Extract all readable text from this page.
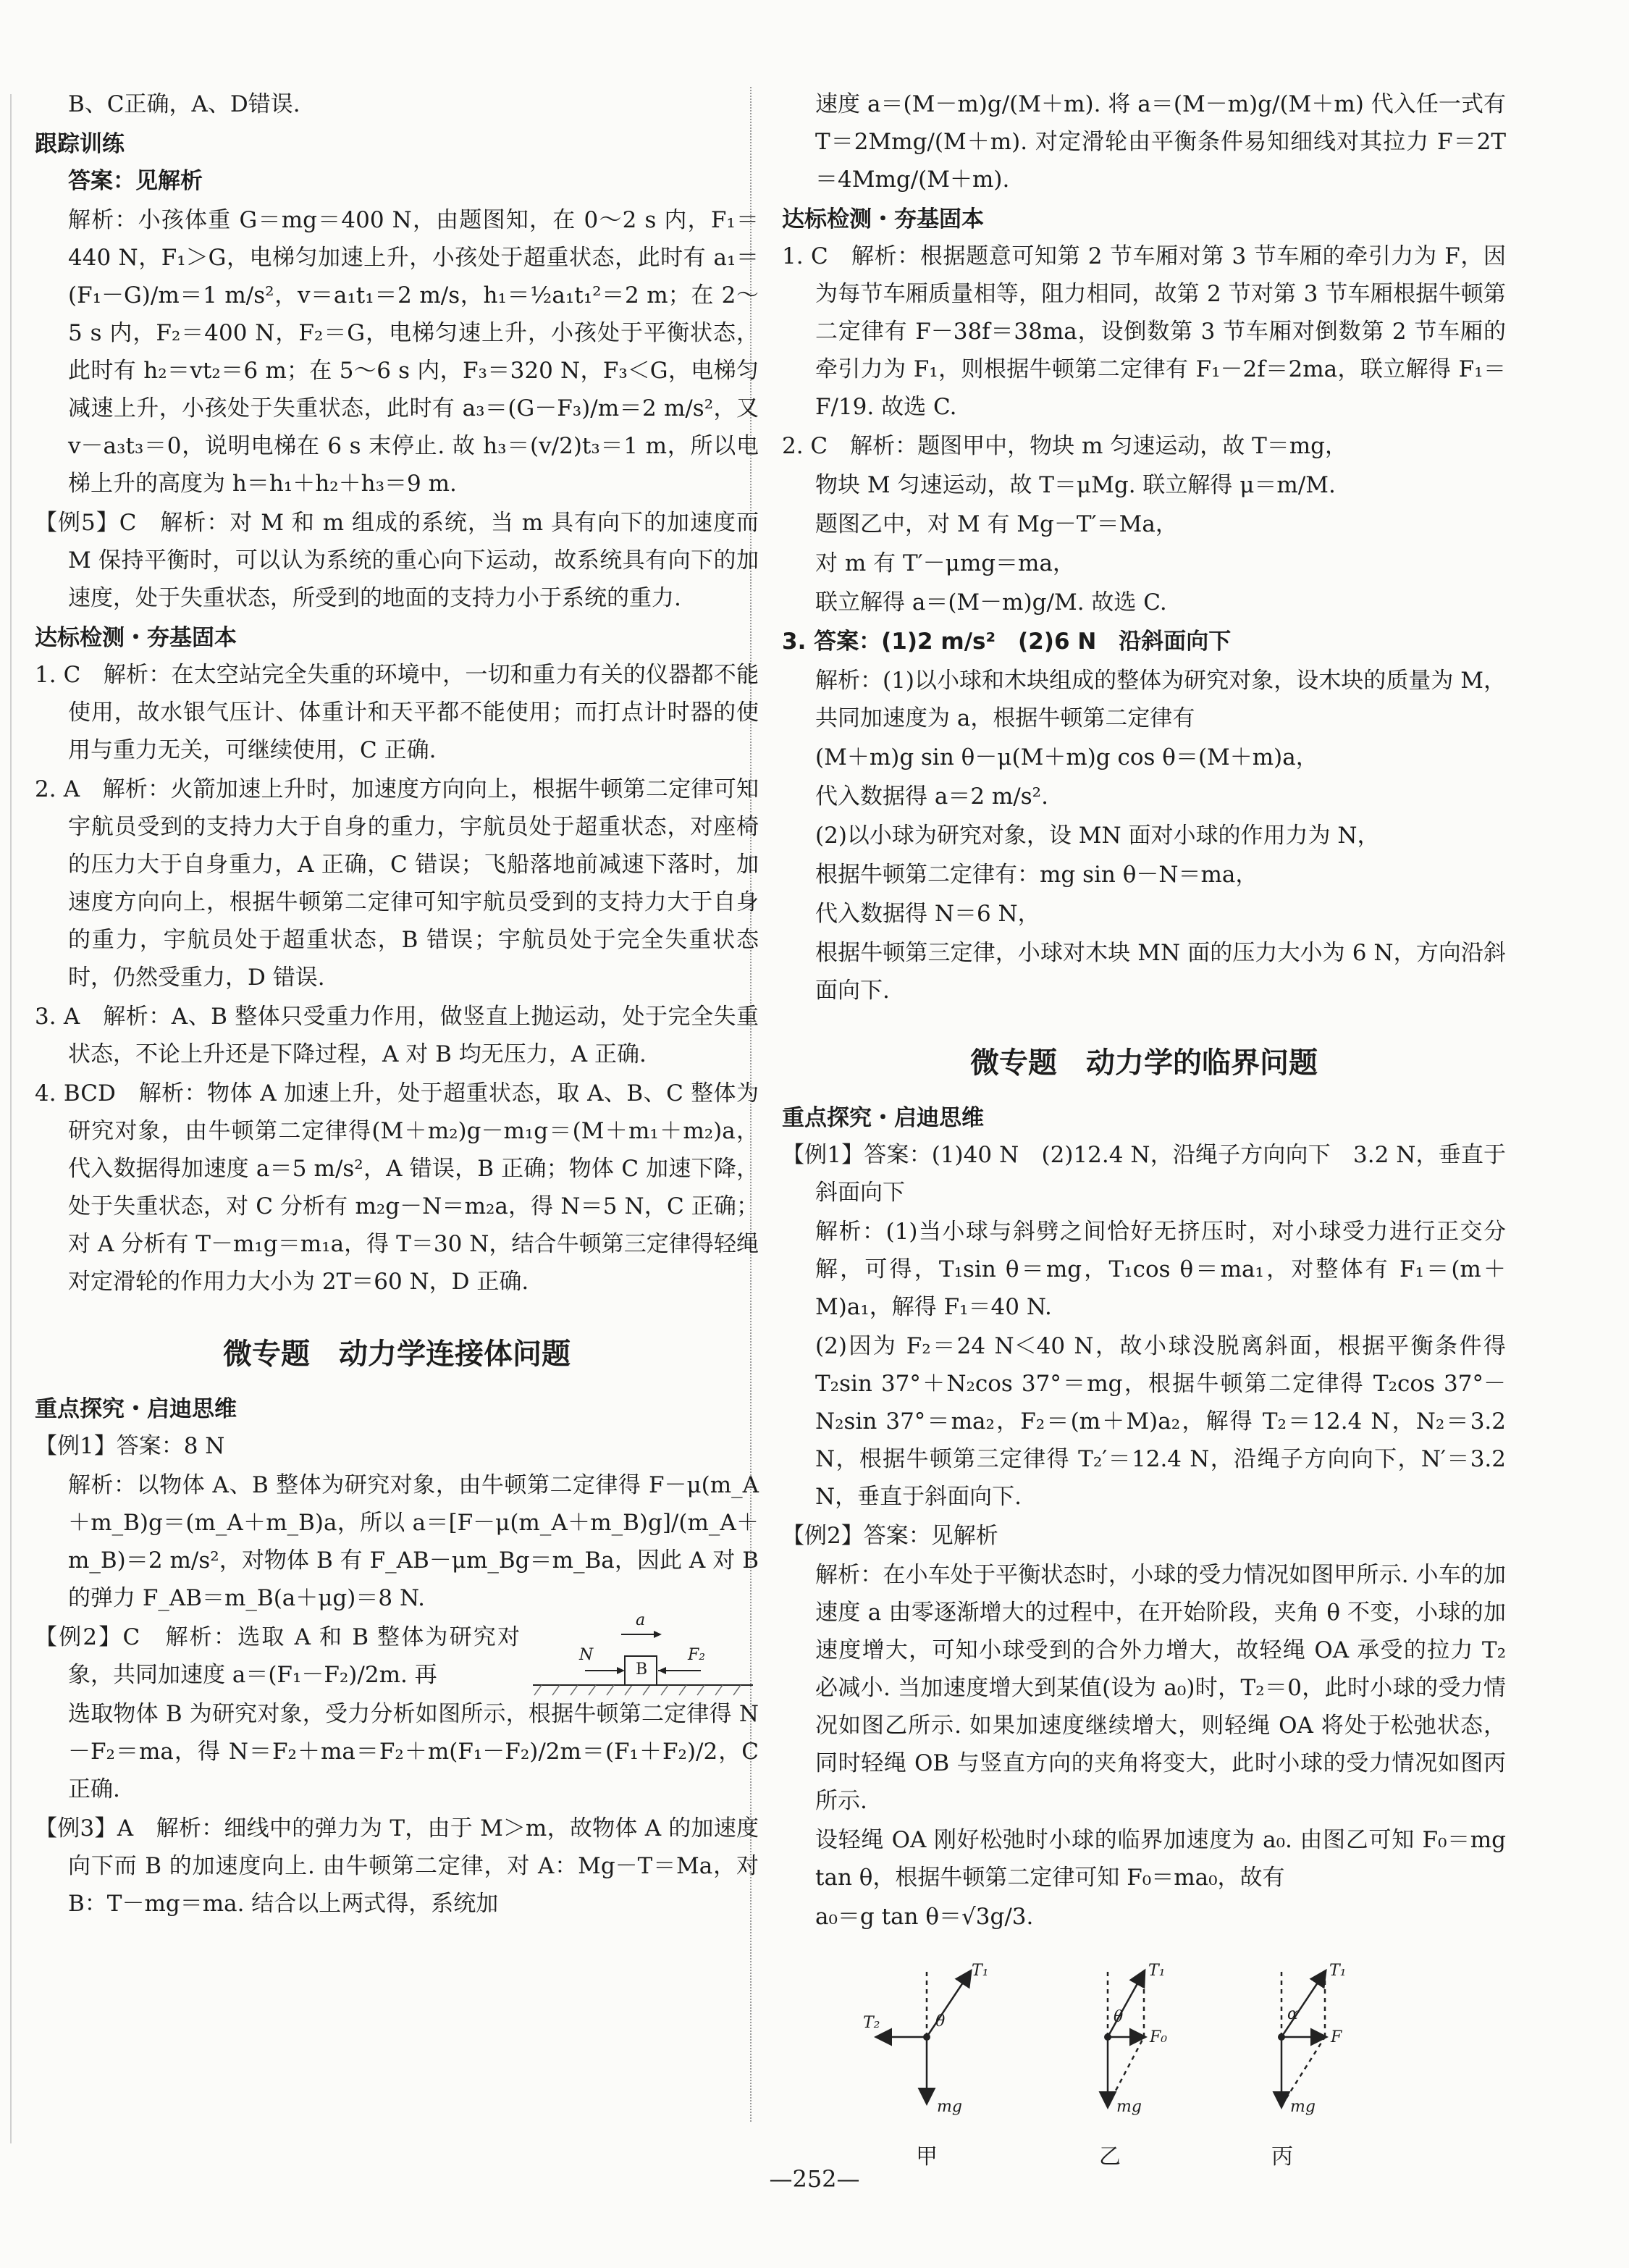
B、C正确，A、D错误.
跟踪训练
答案：见解析
解析：小孩体重 G＝mg＝400 N，由题图知，在 0～2 s 内，F₁＝440 N，F₁＞G，电梯匀加速上升，小孩处于超重状态，此时有 a₁＝(F₁－G)/m＝1 m/s²，v＝a₁t₁＝2 m/s，h₁＝½a₁t₁²＝2 m；在 2～5 s 内，F₂＝400 N，F₂＝G，电梯匀速上升，小孩处于平衡状态，此时有 h₂＝vt₂＝6 m；在 5～6 s 内，F₃＝320 N，F₃＜G，电梯匀减速上升，小孩处于失重状态，此时有 a₃＝(G－F₃)/m＝2 m/s²，又 v－a₃t₃＝0，说明电梯在 6 s 末停止. 故 h₃＝(v/2)t₃＝1 m，所以电梯上升的高度为 h＝h₁＋h₂＋h₃＝9 m.
【例5】C　解析：对 M 和 m 组成的系统，当 m 具有向下的加速度而 M 保持平衡时，可以认为系统的重心向下运动，故系统具有向下的加速度，处于失重状态，所受到的地面的支持力小于系统的重力.
达标检测・夯基固本
1. C　解析：在太空站完全失重的环境中，一切和重力有关的仪器都不能使用，故水银气压计、体重计和天平都不能使用；而打点计时器的使用与重力无关，可继续使用，C 正确.
2. A　解析：火箭加速上升时，加速度方向向上，根据牛顿第二定律可知宇航员受到的支持力大于自身的重力，宇航员处于超重状态，对座椅的压力大于自身重力，A 正确，C 错误；飞船落地前减速下落时，加速度方向向上，根据牛顿第二定律可知宇航员受到的支持力大于自身的重力，宇航员处于超重状态，B 错误；宇航员处于完全失重状态时，仍然受重力，D 错误.
3. A　解析：A、B 整体只受重力作用，做竖直上抛运动，处于完全失重状态，不论上升还是下降过程，A 对 B 均无压力，A 正确.
4. BCD　解析：物体 A 加速上升，处于超重状态，取 A、B、C 整体为研究对象，由牛顿第二定律得(M＋m₂)g－m₁g＝(M＋m₁＋m₂)a，代入数据得加速度 a＝5 m/s²，A 错误，B 正确；物体 C 加速下降，处于失重状态，对 C 分析有 m₂g－N＝m₂a，得 N＝5 N，C 正确；对 A 分析有 T－m₁g＝m₁a，得 T＝30 N，结合牛顿第三定律得轻绳对定滑轮的作用力大小为 2T＝60 N，D 正确.
微专题　动力学连接体问题
重点探究・启迪思维
【例1】答案：8 N
解析：以物体 A、B 整体为研究对象，由牛顿第二定律得 F－μ(m_A＋m_B)g＝(m_A＋m_B)a，所以 a＝[F－μ(m_A＋m_B)g]/(m_A＋m_B)＝2 m/s²，对物体 B 有 F_AB－μm_Bg＝m_Ba，因此 A 对 B 的弹力 F_AB＝m_B(a＋μg)＝8 N.
【例2】C　解析：选取 A 和 B 整体为研究对象，共同加速度 a＝(F₁－F₂)/2m. 再
N
a
B
F₂
选取物体 B 为研究对象，受力分析如图所示，根据牛顿第二定律得 N－F₂＝ma，得 N＝F₂＋ma＝F₂＋m(F₁－F₂)/2m＝(F₁＋F₂)/2，C 正确.
【例3】A　解析：细线中的弹力为 T，由于 M＞m，故物体 A 的加速度向下而 B 的加速度向上. 由牛顿第二定律，对 A：Mg－T＝Ma，对 B：T－mg＝ma. 结合以上两式得，系统加
速度 a＝(M－m)g/(M＋m). 将 a＝(M－m)g/(M＋m) 代入任一式有 T＝2Mmg/(M＋m). 对定滑轮由平衡条件易知细线对其拉力 F＝2T＝4Mmg/(M＋m).
达标检测・夯基固本
1. C　解析：根据题意可知第 2 节车厢对第 3 节车厢的牵引力为 F，因为每节车厢质量相等，阻力相同，故第 2 节对第 3 节车厢根据牛顿第二定律有 F－38f＝38ma，设倒数第 3 节车厢对倒数第 2 节车厢的牵引力为 F₁，则根据牛顿第二定律有 F₁－2f＝2ma，联立解得 F₁＝F/19. 故选 C.
2. C　解析：题图甲中，物块 m 匀速运动，故 T＝mg，
物块 M 匀速运动，故 T＝μMg. 联立解得 μ＝m/M.
题图乙中，对 M 有 Mg－T′＝Ma，
对 m 有 T′－μmg＝ma，
联立解得 a＝(M－m)g/M. 故选 C.
3. 答案：(1)2 m/s²　(2)6 N　沿斜面向下
解析：(1)以小球和木块组成的整体为研究对象，设木块的质量为 M，共同加速度为 a，根据牛顿第二定律有
(M＋m)g sin θ－μ(M＋m)g cos θ＝(M＋m)a，
代入数据得 a＝2 m/s².
(2)以小球为研究对象，设 MN 面对小球的作用力为 N，
根据牛顿第二定律有：mg sin θ－N＝ma，
代入数据得 N＝6 N，
根据牛顿第三定律，小球对木块 MN 面的压力大小为 6 N，方向沿斜面向下.
微专题　动力学的临界问题
重点探究・启迪思维
【例1】答案：(1)40 N　(2)12.4 N，沿绳子方向向下　3.2 N，垂直于斜面向下
解析：(1)当小球与斜劈之间恰好无挤压时，对小球受力进行正交分解，可得，T₁sin θ＝mg，T₁cos θ＝ma₁，对整体有 F₁＝(m＋M)a₁，解得 F₁＝40 N.
(2)因为 F₂＝24 N＜40 N，故小球没脱离斜面，根据平衡条件得 T₂sin 37°＋N₂cos 37°＝mg，根据牛顿第二定律得 T₂cos 37°－N₂sin 37°＝ma₂，F₂＝(m＋M)a₂，解得 T₂＝12.4 N，N₂＝3.2 N，根据牛顿第三定律得 T₂′＝12.4 N，沿绳子方向向下，N′＝3.2 N，垂直于斜面向下.
【例2】答案：见解析
解析：在小车处于平衡状态时，小球的受力情况如图甲所示. 小车的加速度 a 由零逐渐增大的过程中，在开始阶段，夹角 θ 不变，小球的加速度增大，可知小球受到的合外力增大，故轻绳 OA 承受的拉力 T₂ 必减小. 当加速度增大到某值(设为 a₀)时，T₂＝0，此时小球的受力情况如图乙所示. 如果加速度继续增大，则轻绳 OA 将处于松弛状态，同时轻绳 OB 与竖直方向的夹角将变大，此时小球的受力情况如图丙所示.
设轻绳 OA 刚好松弛时小球的临界加速度为 a₀. 由图乙可知 F₀＝mg tan θ，根据牛顿第二定律可知 F₀＝ma₀，故有
a₀＝g tan θ＝√3g/3.
T₁
T₂	θ
mg
甲
T₁
θ
F₀
mg
乙
T₁
α
F
mg
丙
—252—
